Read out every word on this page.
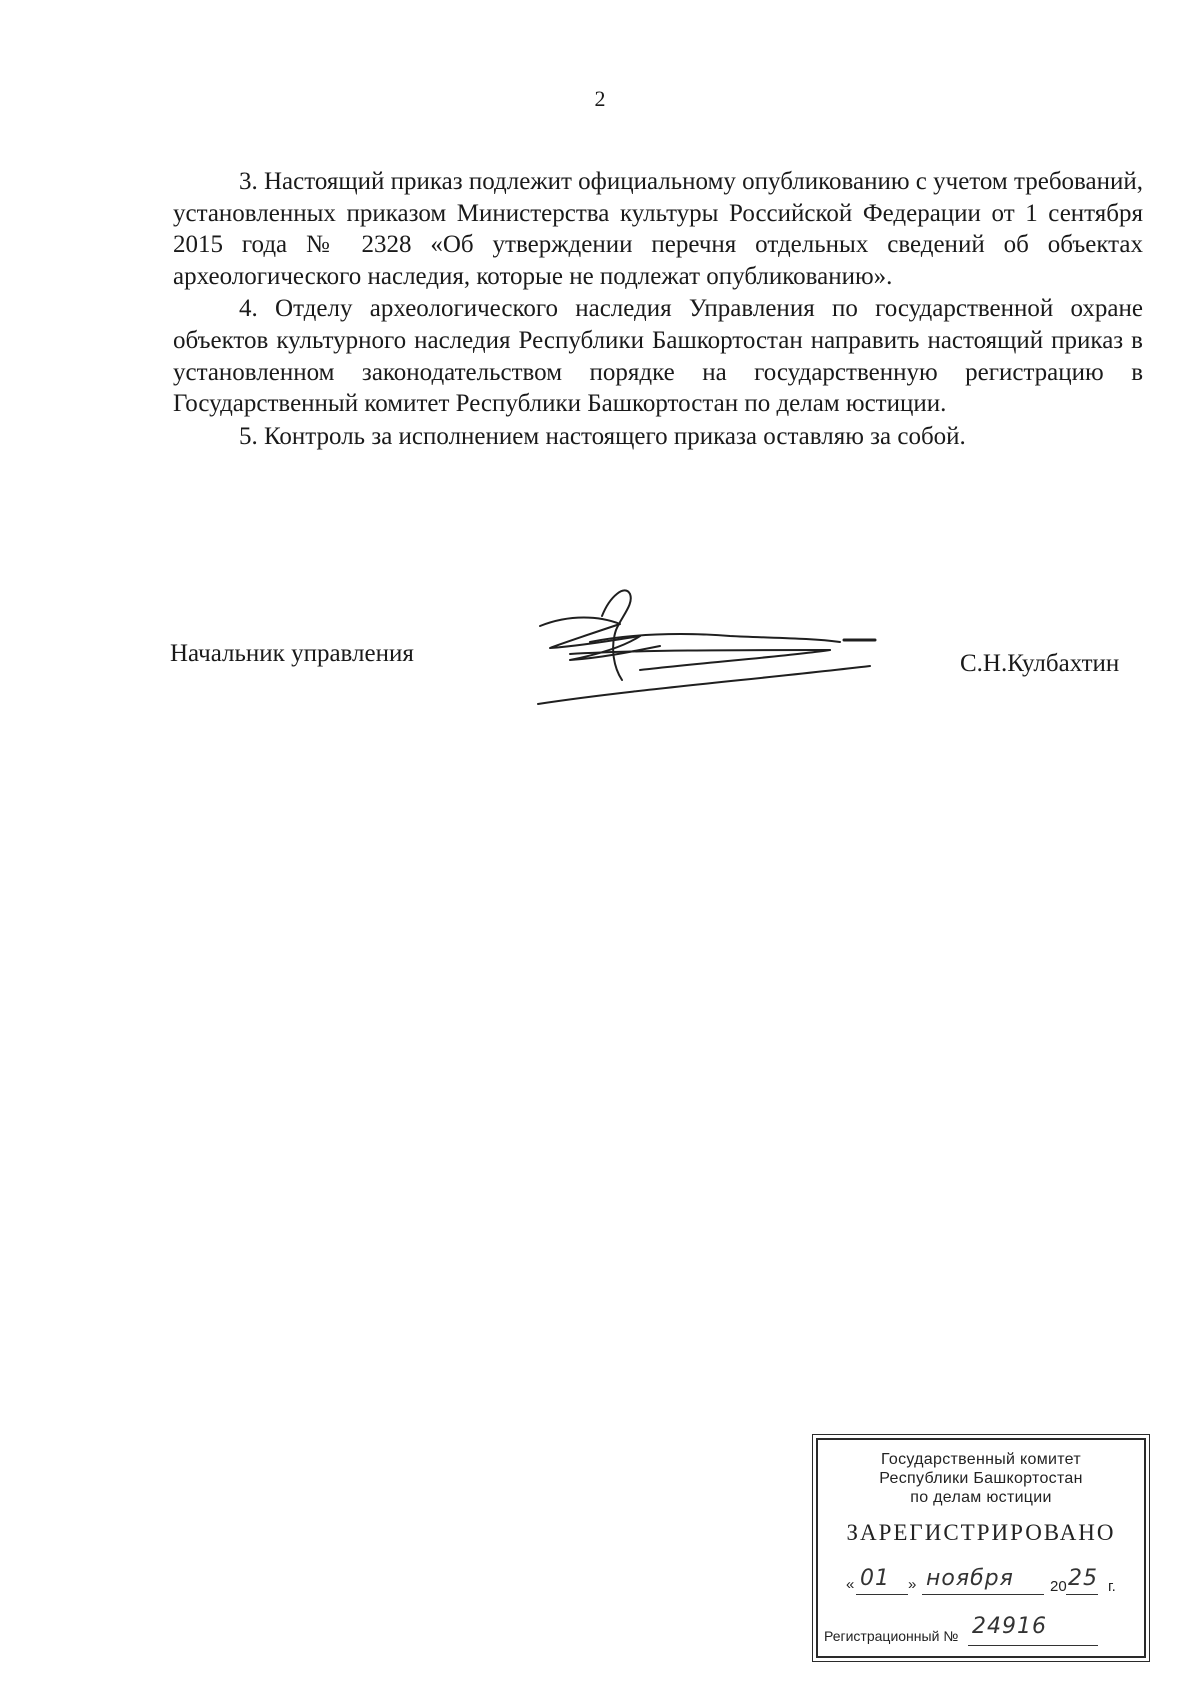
2

3. Настоящий приказ подлежит официальному опубликованию с учетом требований, установленных приказом Министерства культуры Российской Федерации от 1 сентября 2015 года № 2328 «Об утверждении перечня отдельных сведений об объектах археологического наследия, которые не подлежат опубликованию».

4. Отделу археологического наследия Управления по государственной охране объектов культурного наследия Республики Башкортостан направить настоящий приказ в установленном законодательством порядке на государственную регистрацию в Государственный комитет Республики Башкортостан по делам юстиции.

5. Контроль за исполнением настоящего приказа оставляю за собой.

Начальник управления	С.Н.Кулбахтин
Государственный комитет
Республики Башкортостан
по делам юстиции
ЗАРЕГИСТРИРОВАНО
« 01 » ноября 20 25 г.
Регистрационный № 24916
